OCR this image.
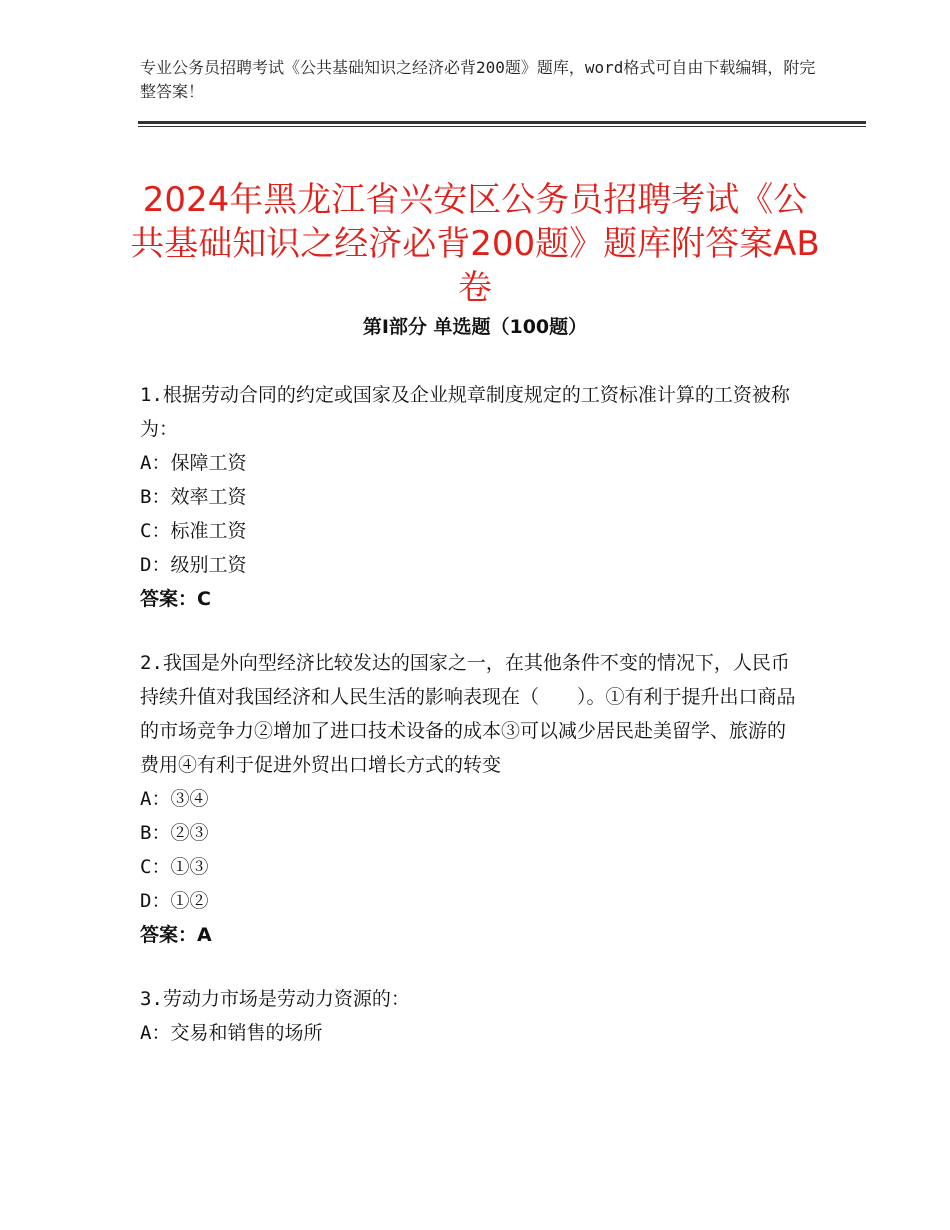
专业公务员招聘考试《公共基础知识之经济必背200题》题库，word格式可自由下载编辑，附完整答案！
2024年黑龙江省兴安区公务员招聘考试《公共基础知识之经济必背200题》题库附答案AB卷
第Ⅰ部分 单选题（100题）

1.根据劳动合同的约定或国家及企业规章制度规定的工资标准计算的工资被称为：

A：保障工资

B：效率工资

C：标准工资

D：级别工资

答案：C

2.我国是外向型经济比较发达的国家之一，在其他条件不变的情况下，人民币持续升值对我国经济和人民生活的影响表现在（　　）。①有利于提升出口商品的市场竞争力②增加了进口技术设备的成本③可以减少居民赴美留学、旅游的费用④有利于促进外贸出口增长方式的转变

A：③④

B：②③

C：①③

D：①②

答案：A

3.劳动力市场是劳动力资源的：

A：交易和销售的场所
